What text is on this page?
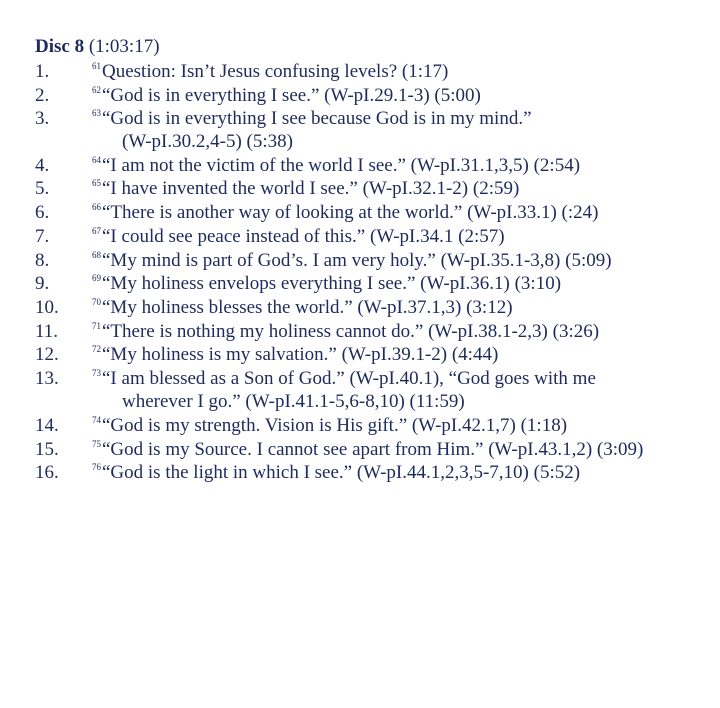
Disc 8 (1:03:17)
1.	$^{61}$Question: Isn’t Jesus confusing levels? (1:17)
2.	$^{62}$“God is in everything I see.” (W-pI.29.1-3) (5:00)
3.	$^{63}$“God is in everything I see because God is in my mind.”
(W-pI.30.2,4-5) (5:38)
4.	$^{64}$“I am not the victim of the world I see.” (W-pI.31.1,3,5) (2:54)
5.	$^{65}$“I have invented the world I see.” (W-pI.32.1-2) (2:59)
6.	$^{66}$“There is another way of looking at the world.” (W-pI.33.1) (:24)
7.	$^{67}$“I could see peace instead of this.” (W-pI.34.1 (2:57)
8.	$^{68}$“My mind is part of God’s. I am very holy.” (W-pI.35.1-3,8) (5:09)
9.	$^{69}$“My holiness envelops everything I see.” (W-pI.36.1) (3:10)
10.	$^{70}$“My holiness blesses the world.” (W-pI.37.1,3) (3:12)
11.	$^{71}$“There is nothing my holiness cannot do.” (W-pI.38.1-2,3) (3:26)
12.	$^{72}$“My holiness is my salvation.” (W-pI.39.1-2) (4:44)
13.	$^{73}$“I am blessed as a Son of God.” (W-pI.40.1), “God goes with me
wherever I go.” (W-pI.41.1-5,6-8,10) (11:59)
14.	$^{74}$“God is my strength. Vision is His gift.” (W-pI.42.1,7) (1:18)
15.	$^{75}$“God is my Source. I cannot see apart from Him.” (W-pI.43.1,2) (3:09)
16.	$^{76}$“God is the light in which I see.” (W-pI.44.1,2,3,5-7,10) (5:52)
